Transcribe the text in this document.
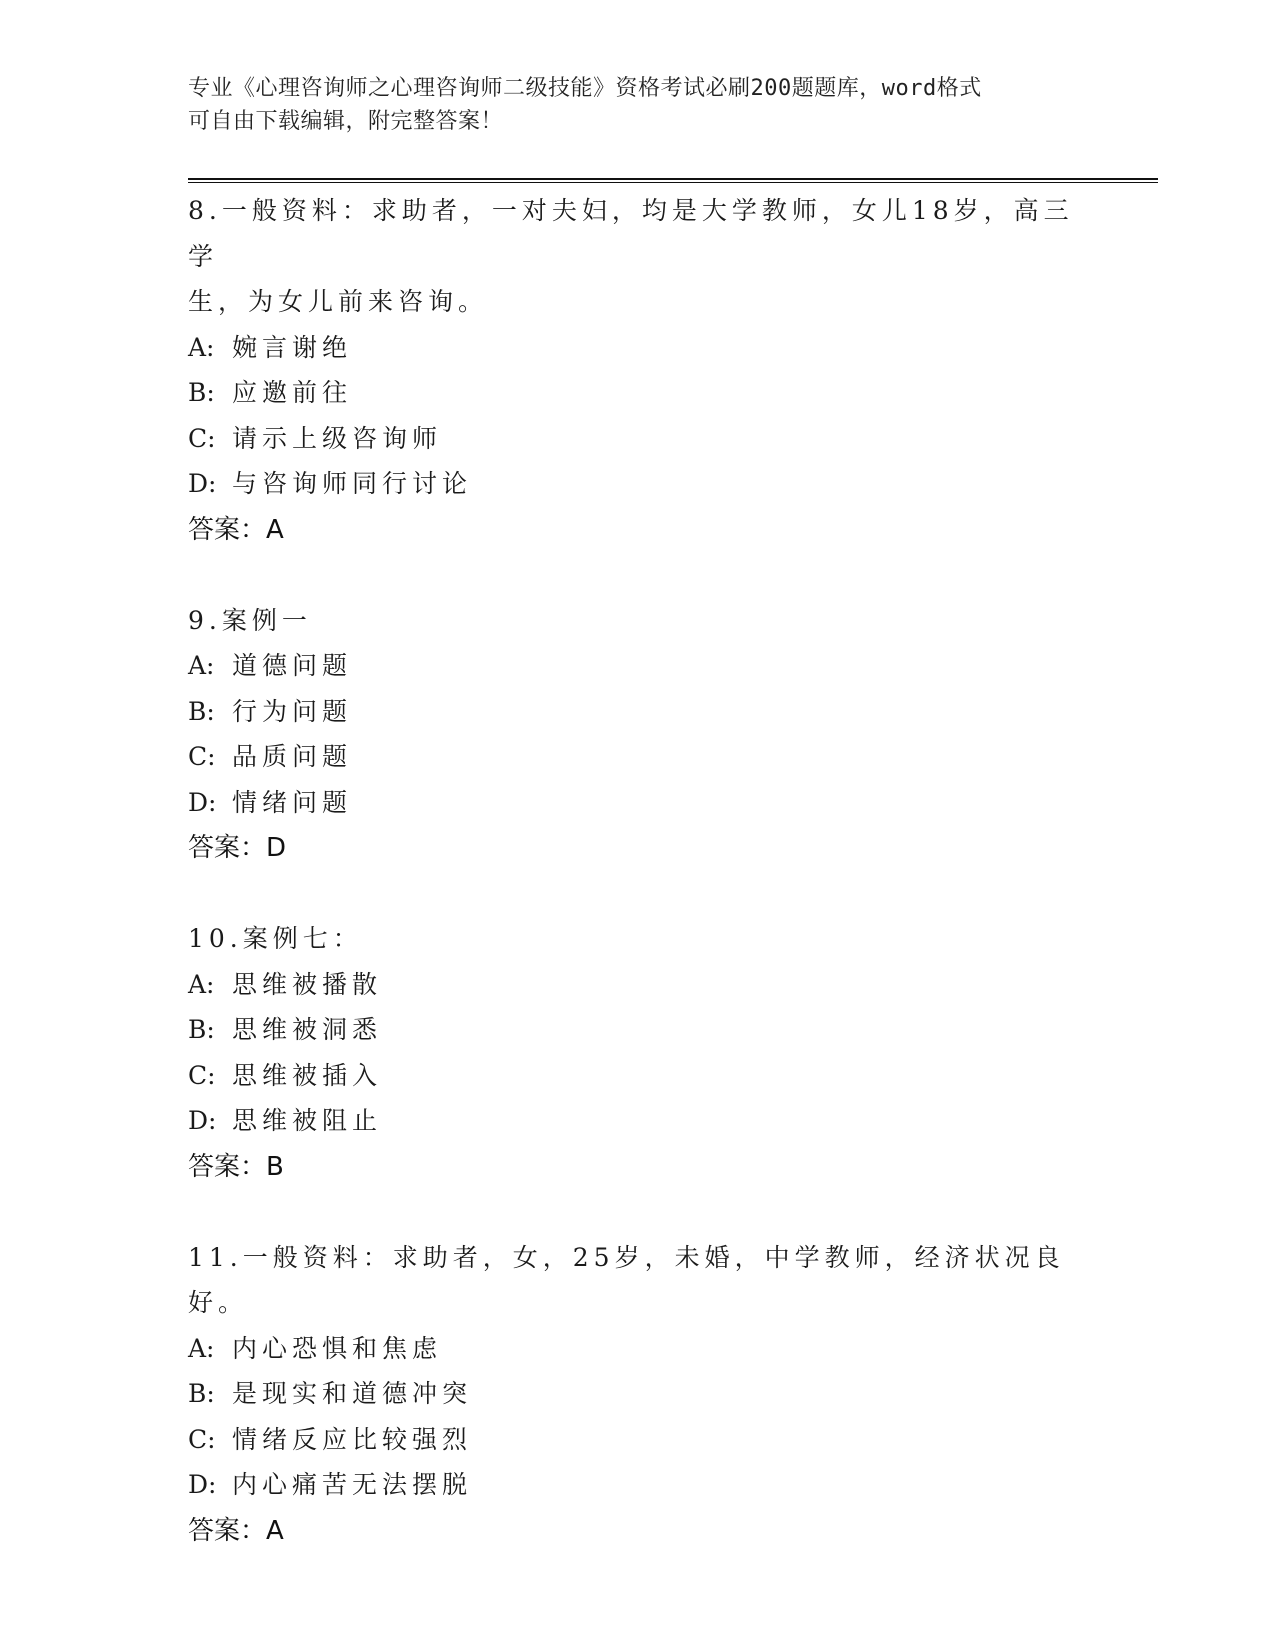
专业《心理咨询师之心理咨询师二级技能》资格考试必刷200题题库，word格式
可自由下载编辑，附完整答案！
8.一般资料：求助者，一对夫妇，均是大学教师，女儿18岁，高三学
生，为女儿前来咨询。
A: 婉言谢绝
B: 应邀前往
C: 请示上级咨询师
D: 与咨询师同行讨论
答案：A
9.案例一
A: 道德问题
B: 行为问题
C: 品质问题
D: 情绪问题
答案：D
10.案例七：
A: 思维被播散
B: 思维被洞悉
C: 思维被插入
D: 思维被阻止
答案：B
11.一般资料：求助者，女，25岁，未婚，中学教师，经济状况良好。
A: 内心恐惧和焦虑
B: 是现实和道德冲突
C: 情绪反应比较强烈
D: 内心痛苦无法摆脱
答案：A
